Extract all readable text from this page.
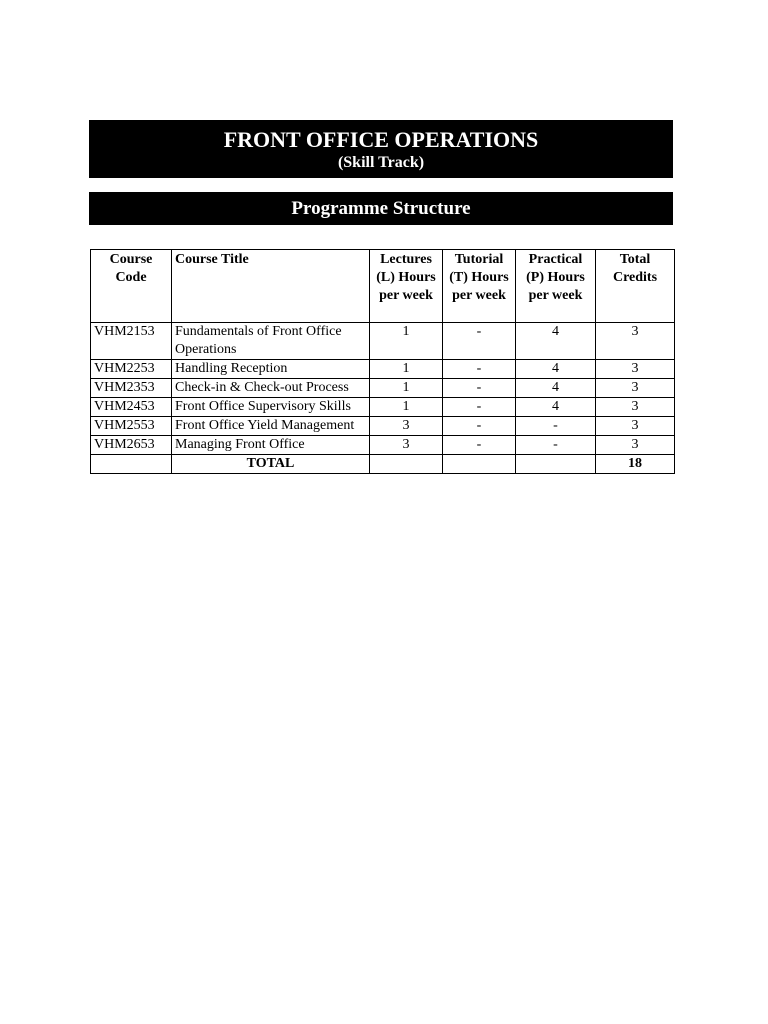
FRONT OFFICE OPERATIONS
(Skill Track)
Programme Structure
Course Code	Course Title	Lectures (L) Hours per week	Tutorial (T) Hours per week	Practical (P) Hours per week	Total Credits
VHM2153	Fundamentals of Front Office Operations	1	-	4	3
VHM2253	Handling Reception	1	-	4	3
VHM2353	Check-in & Check-out Process	1	-	4	3
VHM2453	Front Office Supervisory Skills	1	-	4	3
VHM2553	Front Office Yield Management	3	-	-	3
VHM2653	Managing Front Office	3	-	-	3
	TOTAL				18
